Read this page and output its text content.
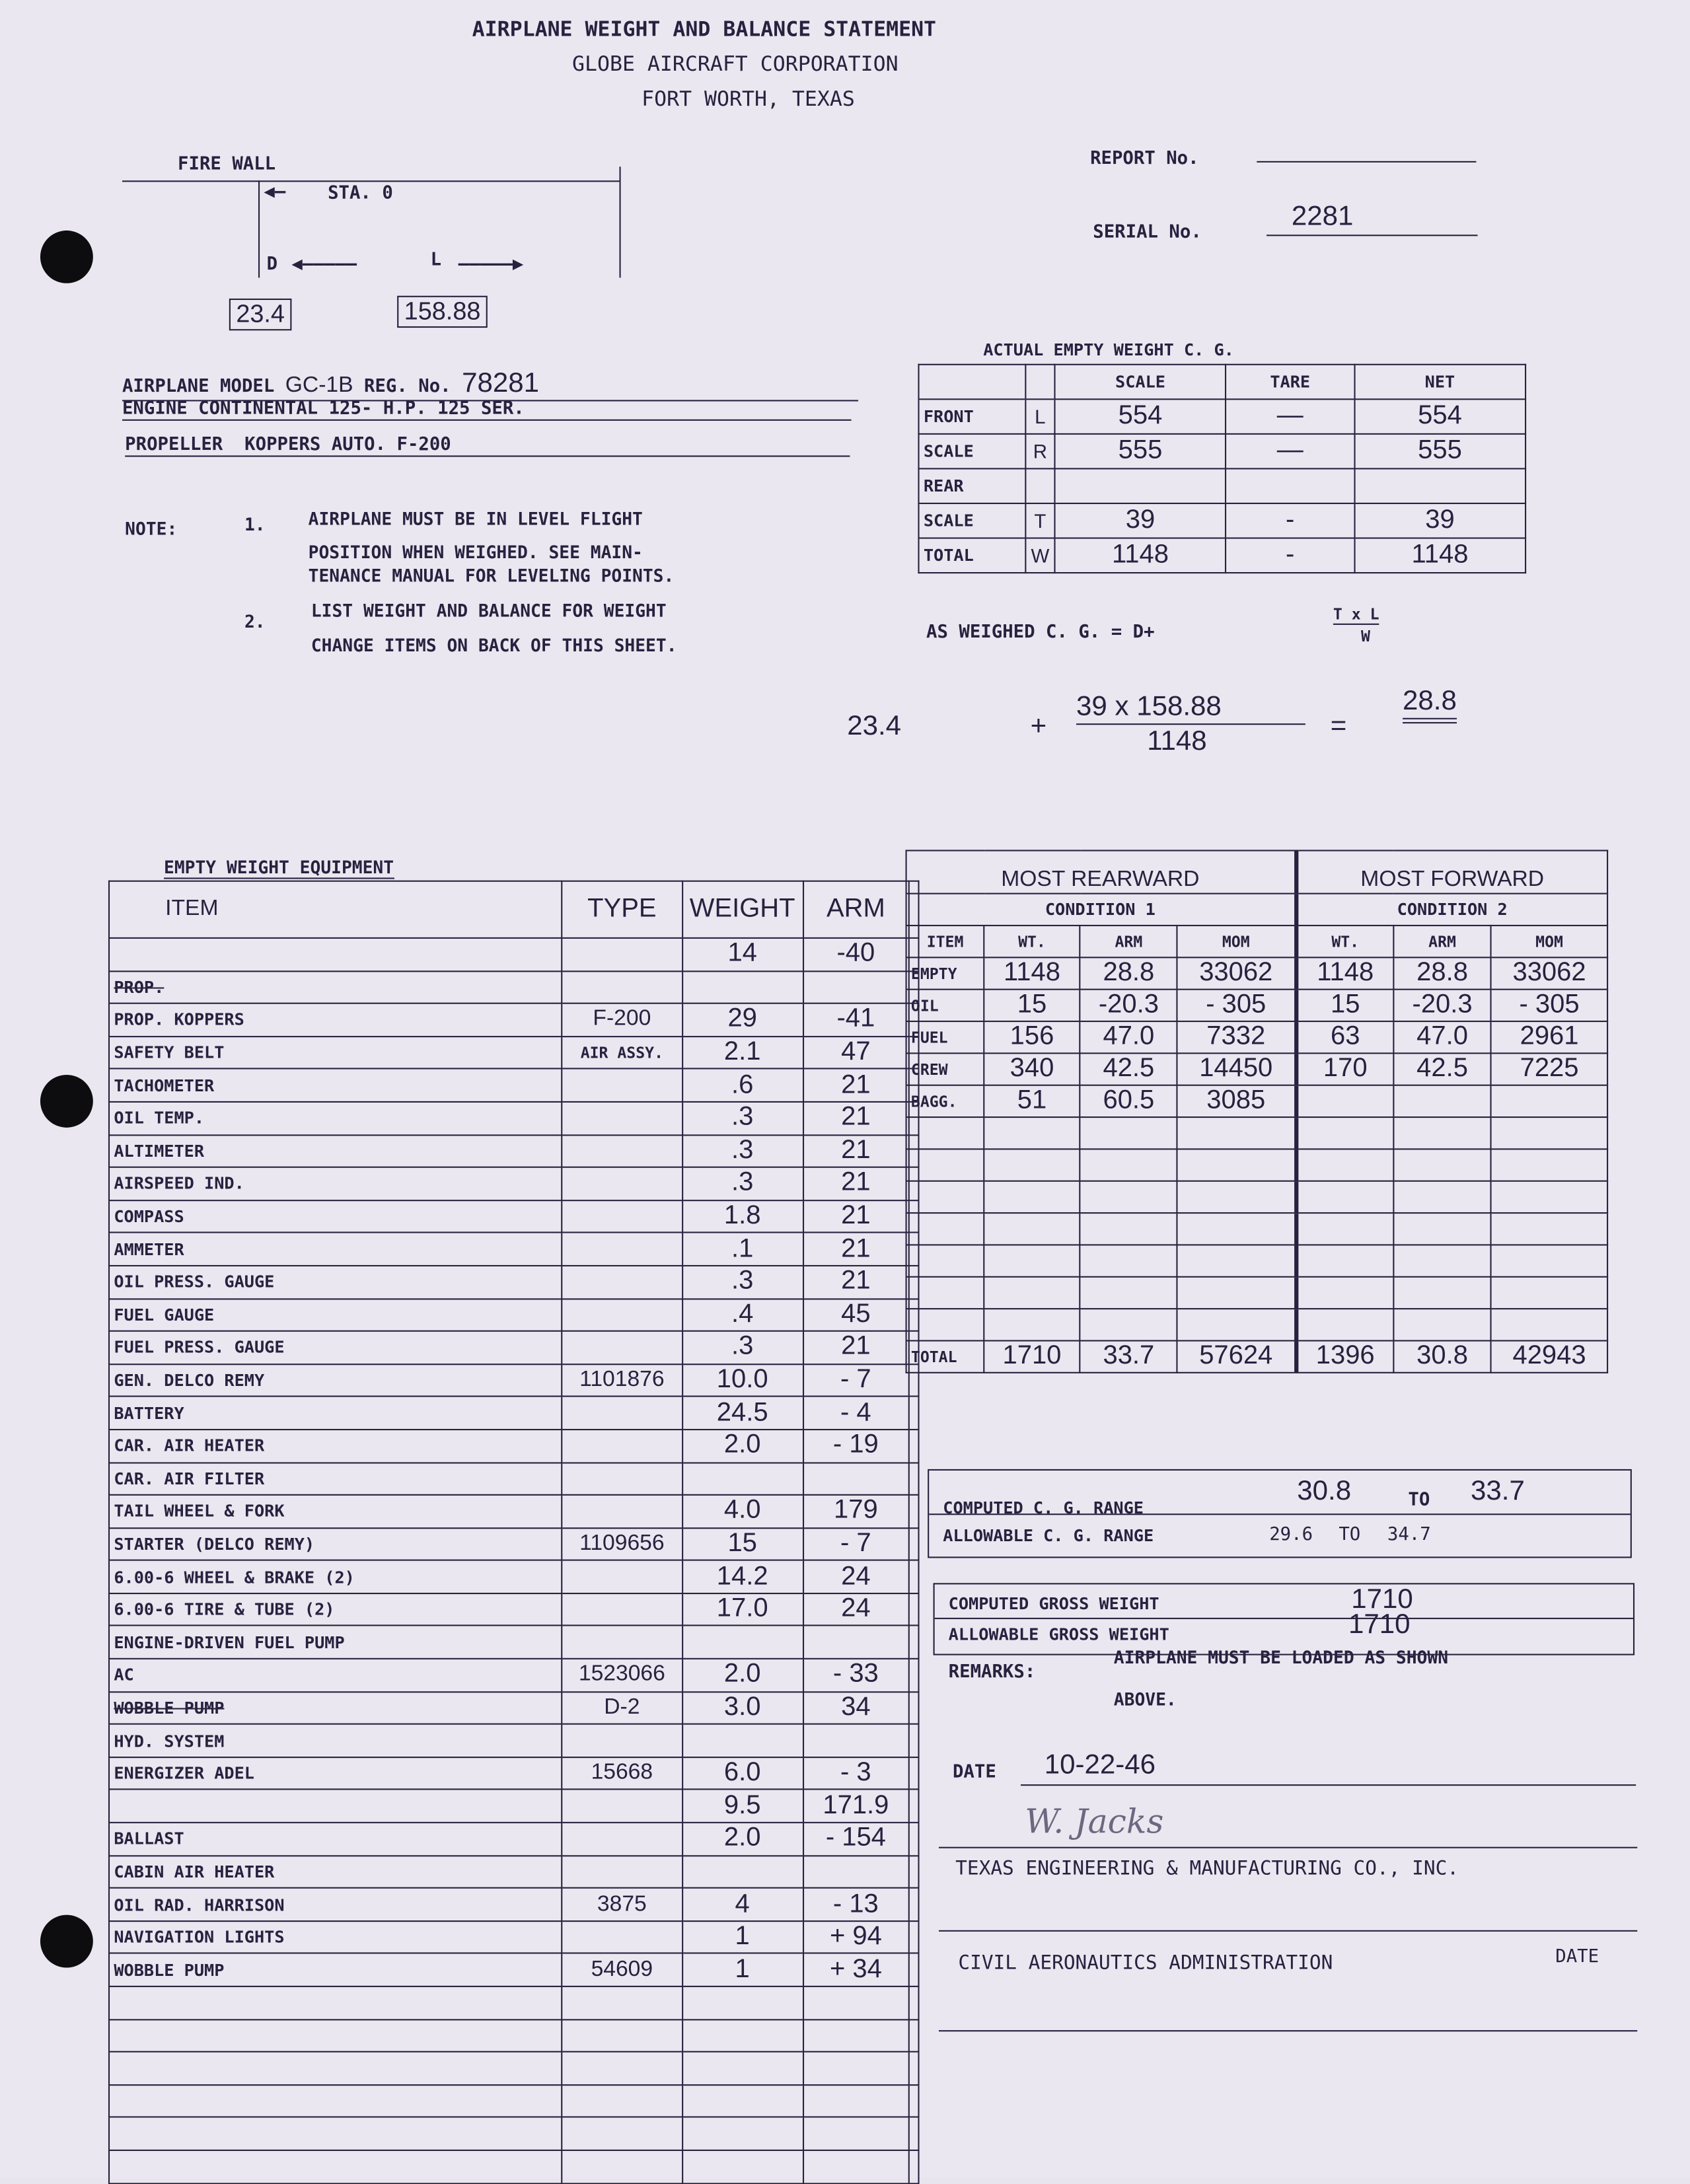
AIRPLANE WEIGHT AND BALANCE STATEMENT
GLOBE AIRCRAFT CORPORATION
FORT WORTH, TEXAS
FIRE WALL
◀—	STA. 0
D ◀—————	L —————▶
23.4	158.88
REPORT No.
SERIAL No.
2281
AIRPLANE MODEL GC-1B REG. No. 78281
ENGINE CONTINENTAL 125- H.P. 125 SER.
PROPELLER	KOPPERS AUTO. F-200
NOTE:	1.	AIRPLANE MUST BE IN LEVEL FLIGHT
POSITION WHEN WEIGHED. SEE MAIN-
TENANCE MANUAL FOR LEVELING POINTS.
2.
LIST WEIGHT AND BALANCE FOR WEIGHT
CHANGE ITEMS ON BACK OF THIS SHEET.
ACTUAL EMPTY WEIGHT C. G.
		SCALE	TARE	NET
FRONT	L	554	—	554
SCALE	R	555	—	555
REAR				
SCALE	T	39	-	39
TOTAL	W	1148	-	1148
AS WEIGHED C. G. = D+
T x L
W
23.4	+
39 x 158.88
1148	=
28.8
EMPTY WEIGHT EQUIPMENT
ITEM	TYPE	WEIGHT	ARM	
		14	-40	
PROP.				
PROP. KOPPERS	F-200	29	-41	
SAFETY BELT	AIR ASSY.	2.1	47	
TACHOMETER		.6	21	
OIL TEMP.		.3	21	
ALTIMETER		.3	21	
AIRSPEED IND.		.3	21	
COMPASS		1.8	21	
AMMETER		.1	21	
OIL PRESS. GAUGE		.3	21	
FUEL GAUGE		.4	45	
FUEL PRESS. GAUGE		.3	21	
GEN. DELCO REMY	1101876	10.0	- 7	
BATTERY		24.5	- 4	
CAR. AIR HEATER		2.0	- 19	
CAR. AIR FILTER				
TAIL WHEEL & FORK		4.0	179	
STARTER (DELCO REMY)	1109656	15	- 7	
6.00-6 WHEEL & BRAKE (2)		14.2	24	
6.00-6 TIRE & TUBE (2)		17.0	24	
ENGINE-DRIVEN FUEL PUMP				
AC	1523066	2.0	- 33	
WOBBLE PUMP	D-2	3.0	34	
HYD. SYSTEM				
ENERGIZER ADEL	15668	6.0	- 3	
		9.5	171.9	
BALLAST		2.0	- 154	
CABIN AIR HEATER				
OIL RAD. HARRISON	3875	4	- 13	
NAVIGATION LIGHTS		1	+ 94	
WOBBLE PUMP	54609	1	+ 34	

MOST REARWARD				MOST FORWARD		
CONDITION 1				CONDITION 2		
ITEM	WT.	ARM	MOM	WT.	ARM	MOM
EMPTY	1148	28.8	33062	1148	28.8	33062
OIL	15	-20.3	- 305	15	-20.3	- 305
FUEL	156	47.0	7332	63	47.0	2961
CREW	340	42.5	14450	170	42.5	7225
BAGG.	51	60.5	3085			

TOTAL	1710	33.7	57624	1396	30.8	42943
COMPUTED C. G. RANGE
30.8	TO	33.7
ALLOWABLE C. G. RANGE	29.6	TO	34.7
COMPUTED GROSS WEIGHT	1710
ALLOWABLE GROSS WEIGHT	1710
REMARKS:
AIRPLANE MUST BE LOADED AS SHOWN
ABOVE.
DATE	10-22-46
W. Jacks
TEXAS ENGINEERING & MANUFACTURING CO., INC.
CIVIL AERONAUTICS ADMINISTRATION	DATE
